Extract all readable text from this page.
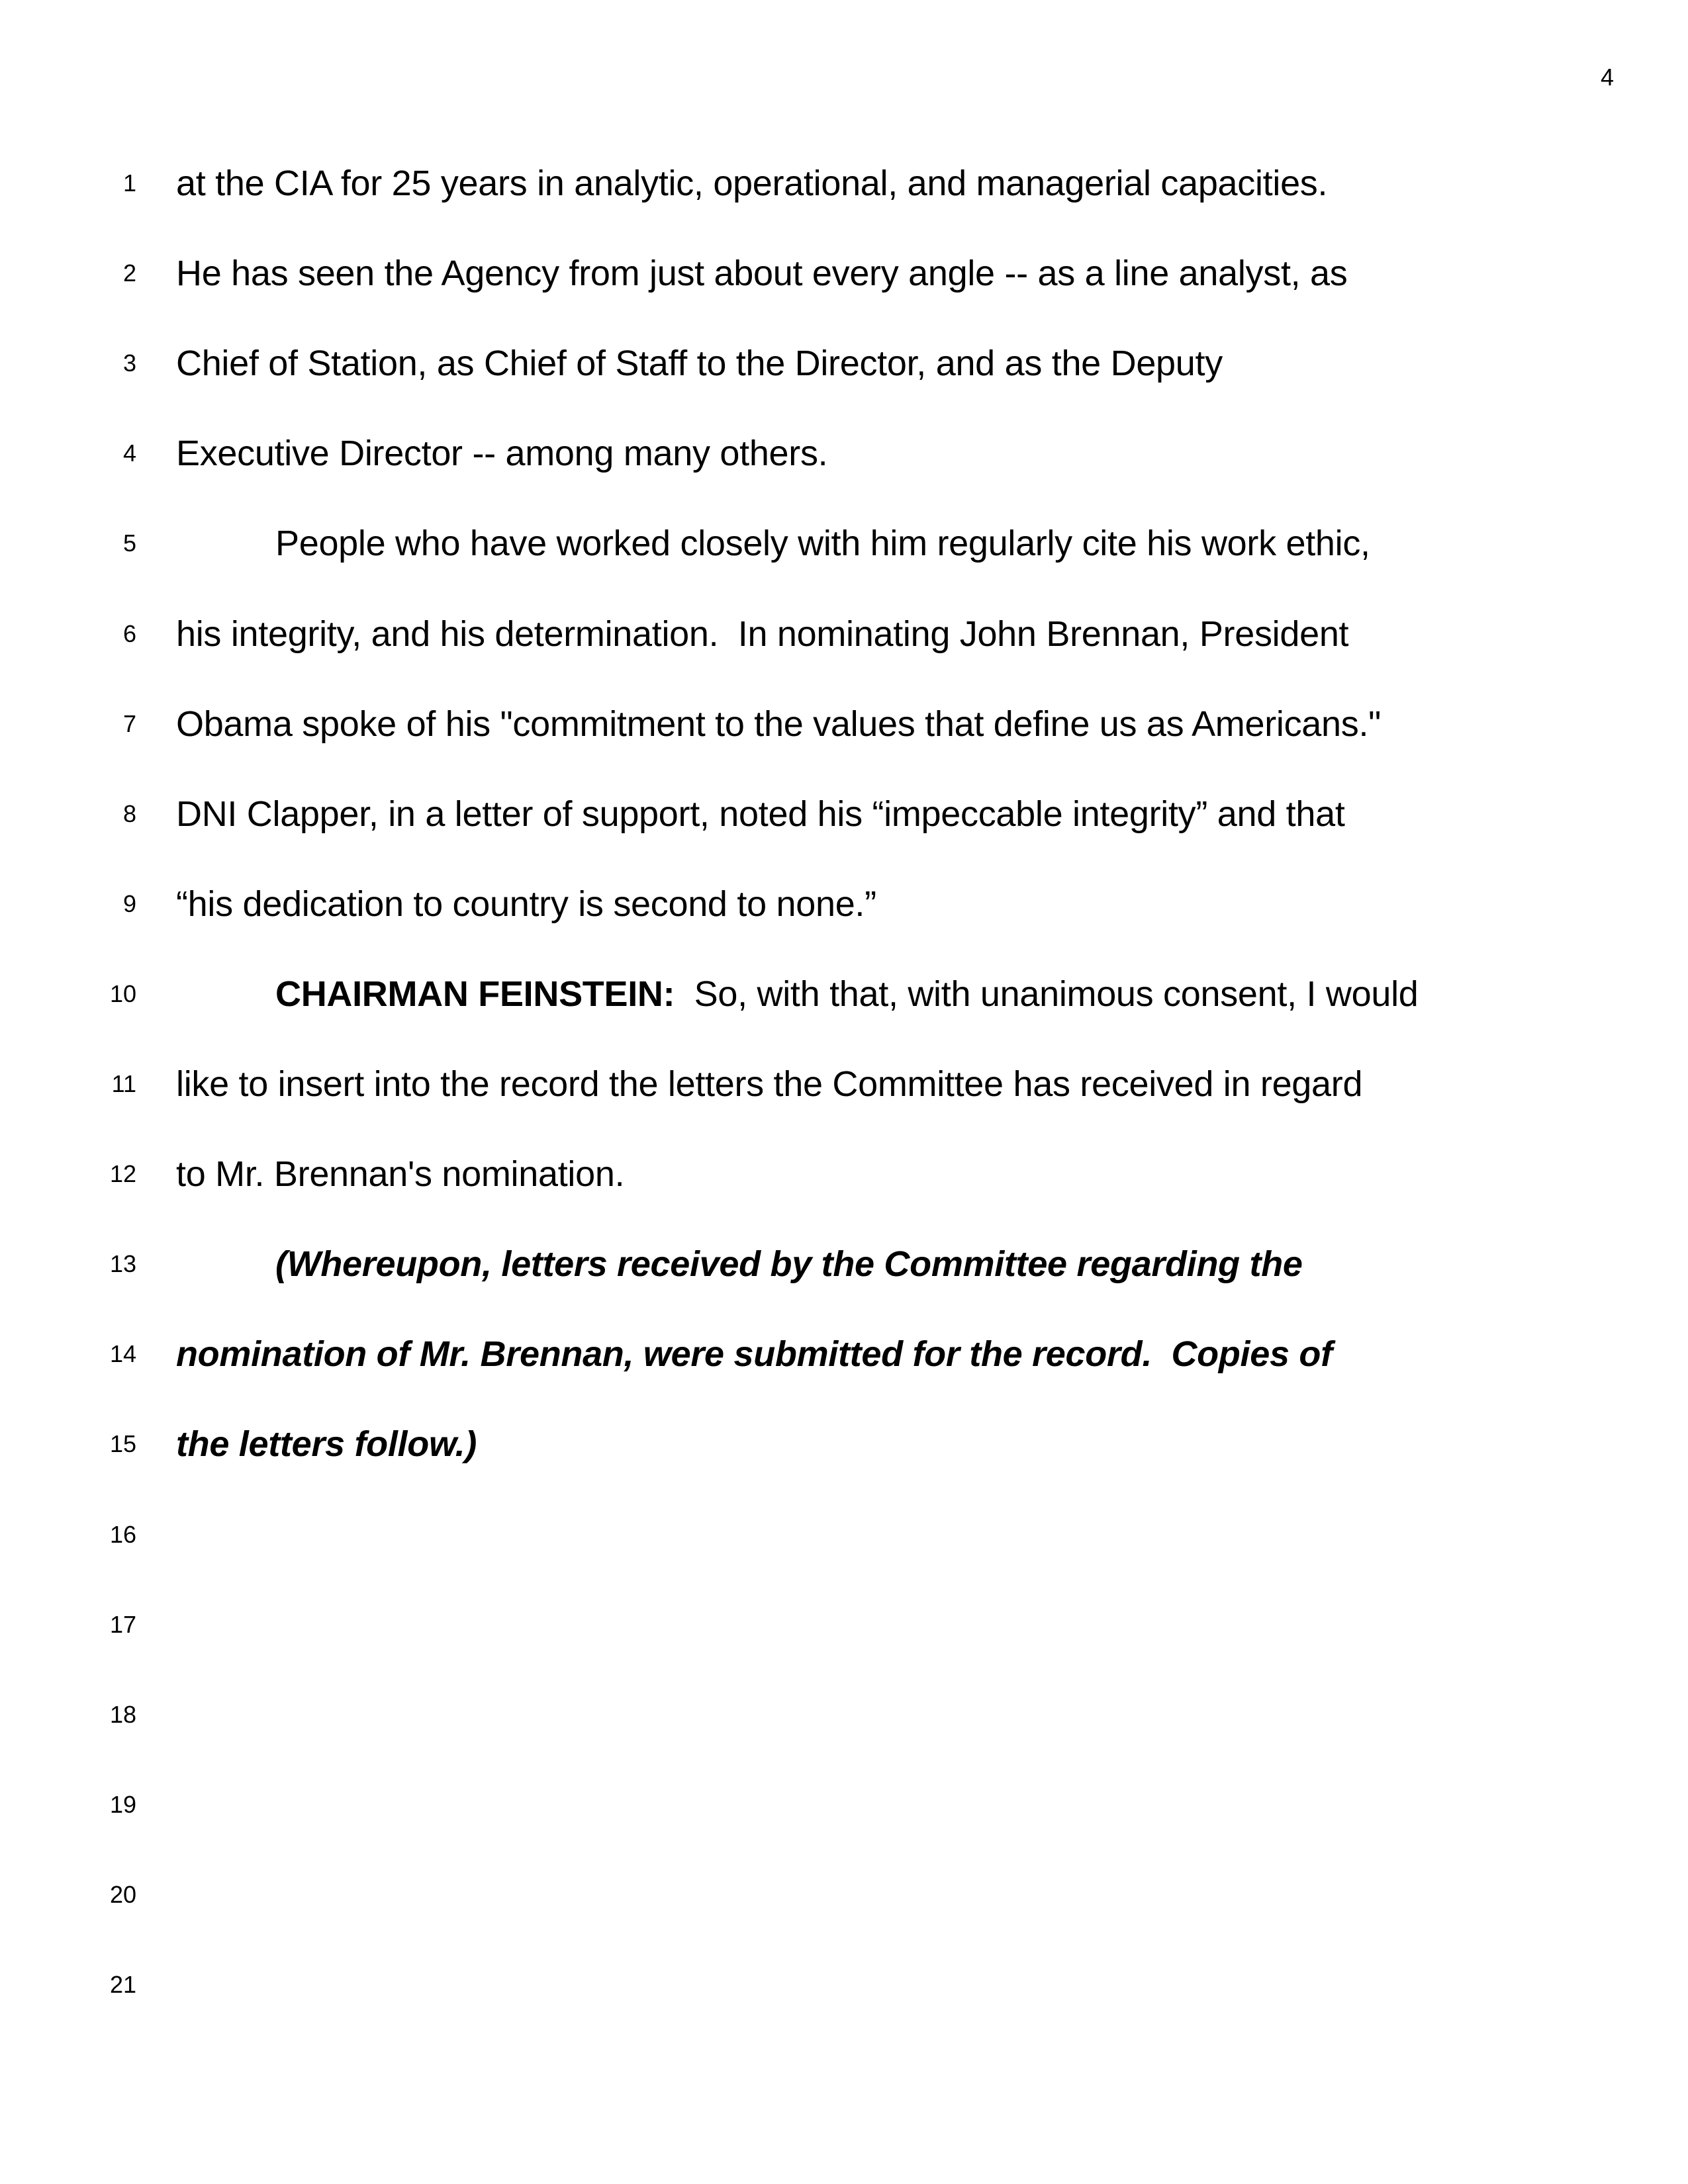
4
1 at the CIA for 25 years in analytic, operational, and managerial capacities.
2 He has seen the Agency from just about every angle -- as a line analyst, as
3 Chief of Station, as Chief of Staff to the Director, and as the Deputy
4 Executive Director -- among many others.
5	People who have worked closely with him regularly cite his work ethic,
6 his integrity, and his determination.  In nominating John Brennan, President
7 Obama spoke of his "commitment to the values that define us as Americans."
8 DNI Clapper, in a letter of support, noted his “impeccable integrity” and that
9 “his dedication to country is second to none.”
10	CHAIRMAN FEINSTEIN:  So, with that, with unanimous consent, I would
11 like to insert into the record the letters the Committee has received in regard
12 to Mr. Brennan's nomination.
13	(Whereupon, letters received by the Committee regarding the
14 nomination of Mr. Brennan, were submitted for the record.  Copies of
15 the letters follow.)
16
17
18
19
20
21
